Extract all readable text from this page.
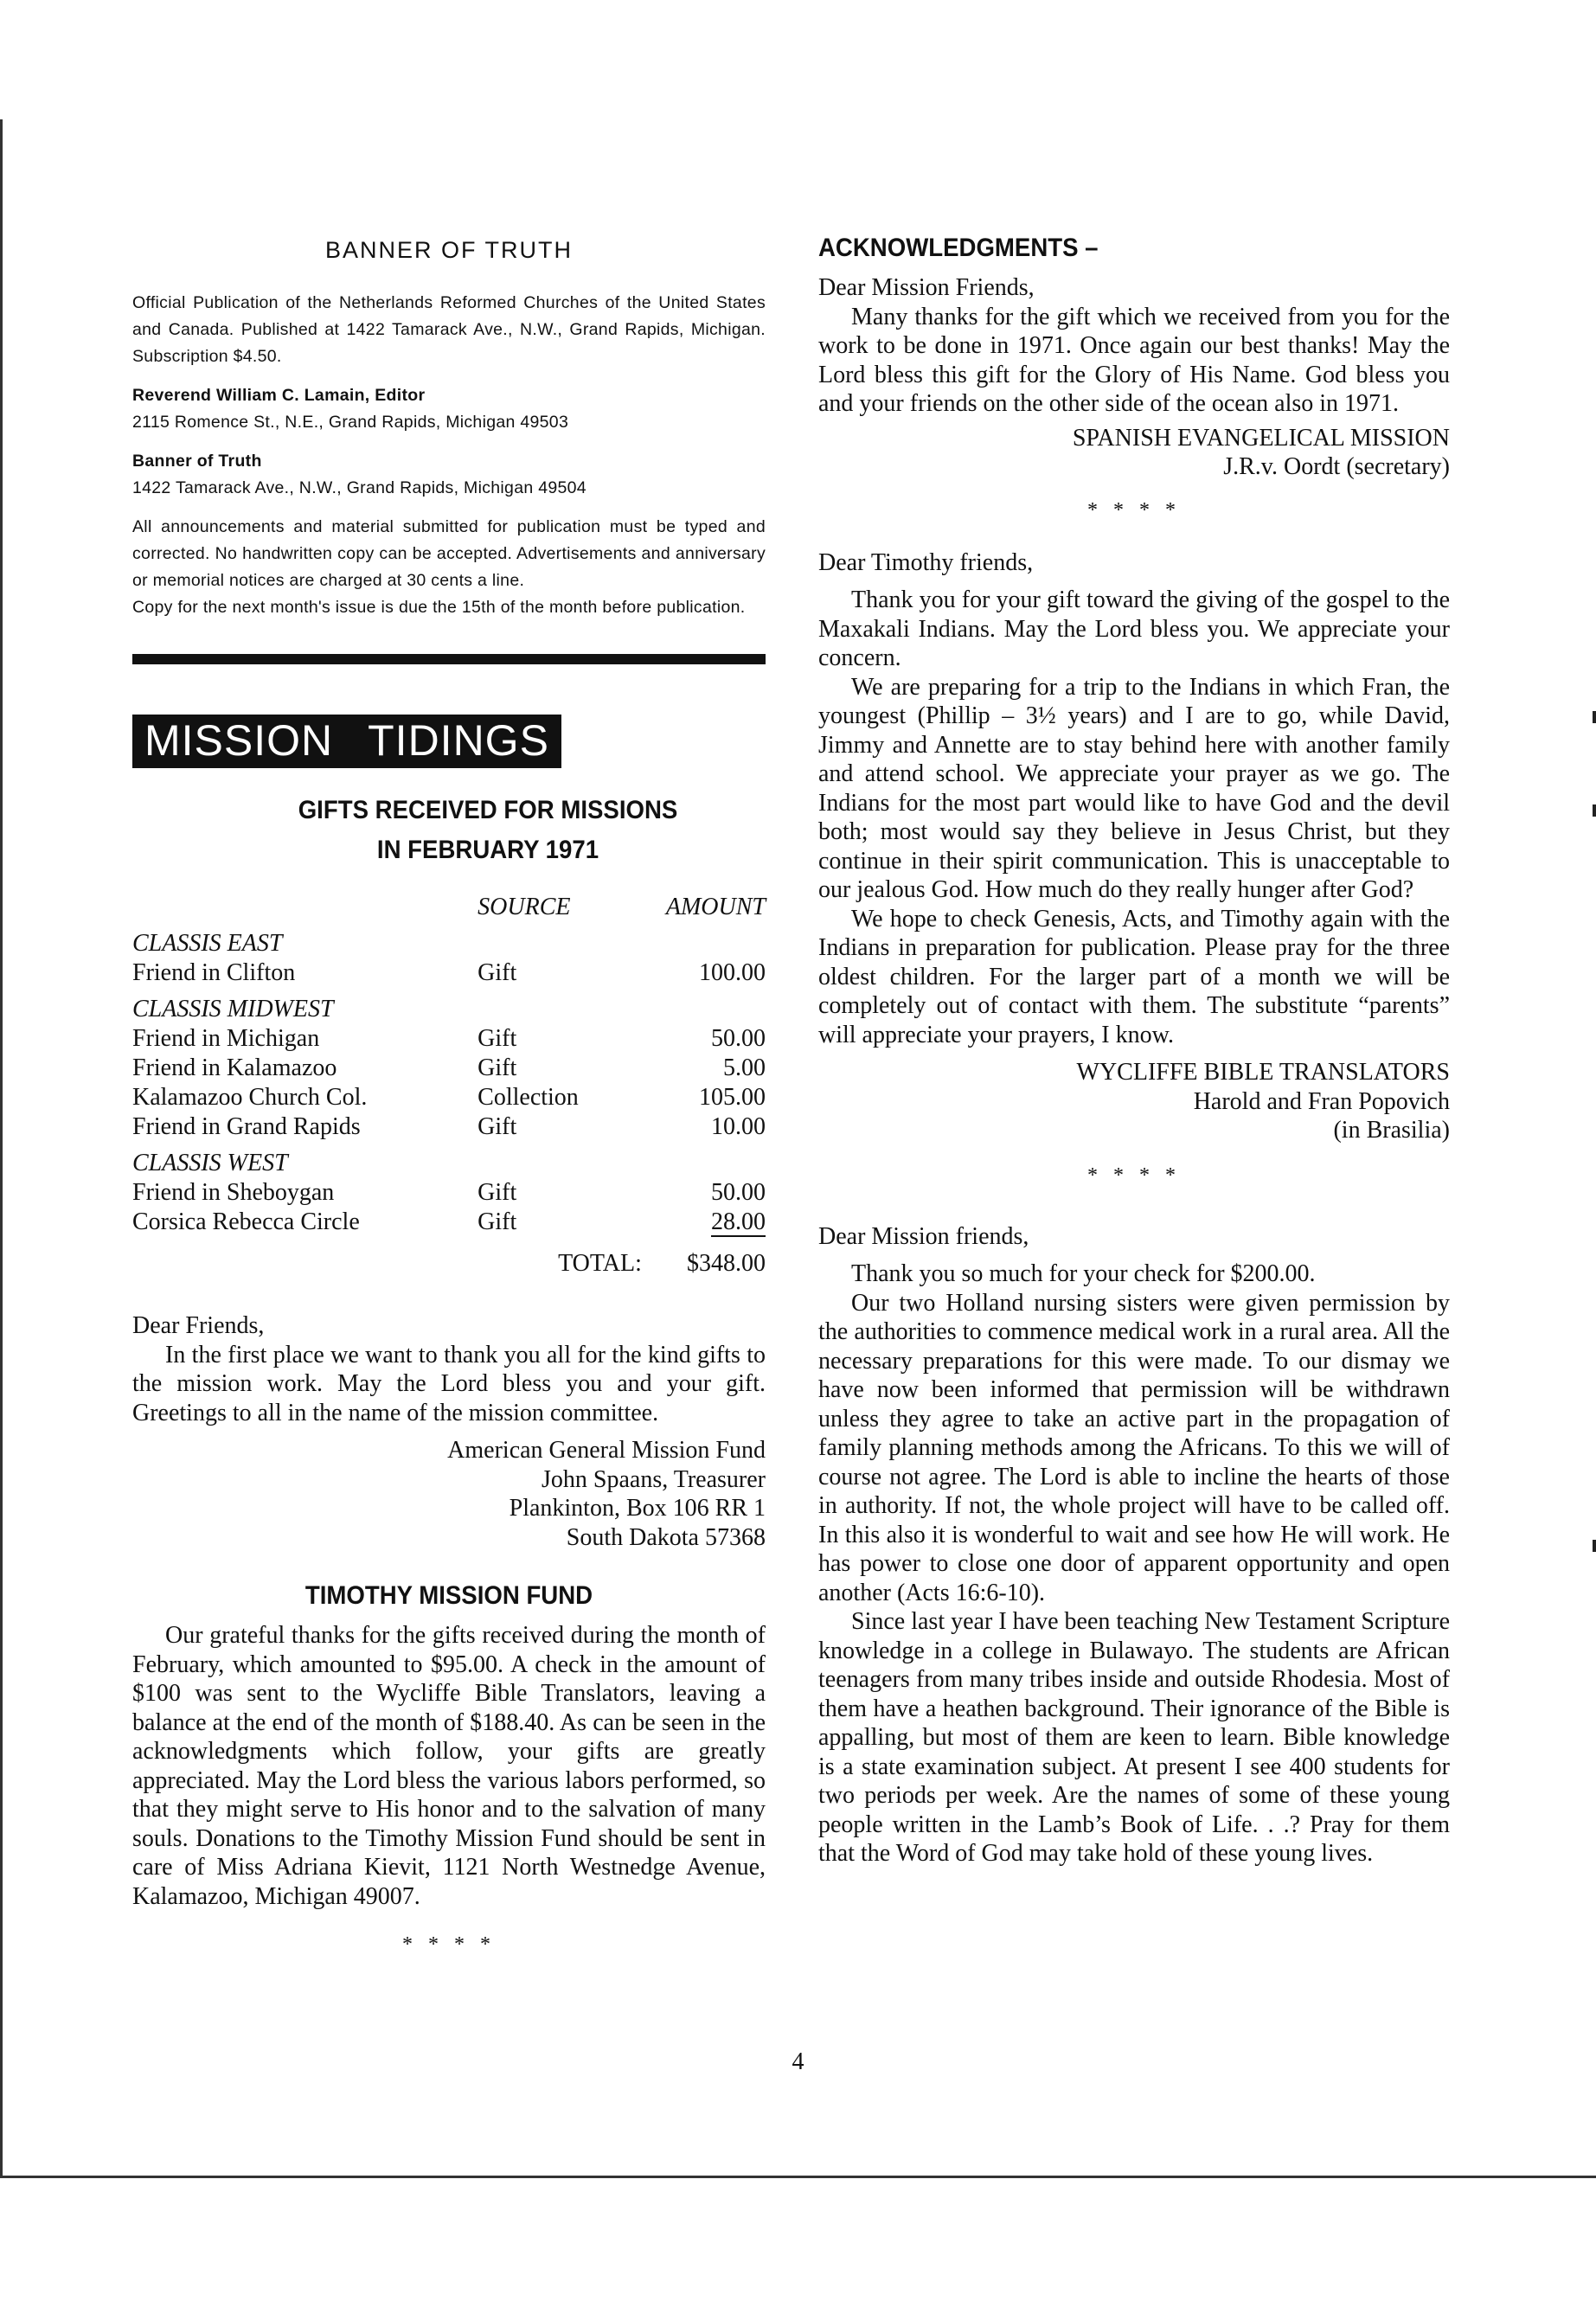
BANNER OF TRUTH

Official Publication of the Netherlands Reformed Churches of the United States and Canada. Published at 1422 Tamarack Ave., N.W., Grand Rapids, Michigan. Subscription $4.50.

Reverend William C. Lamain, Editor

2115 Romence St., N.E., Grand Rapids, Michigan 49503

Banner of Truth

1422 Tamarack Ave., N.W., Grand Rapids, Michigan 49504

All announcements and material submitted for publication must be typed and corrected. No handwritten copy can be accepted. Advertisements and anniversary or memorial notices are charged at 30 cents a line.

Copy for the next month's issue is due the 15th of the month before publication.

MISSION TIDINGS
GIFTS RECEIVED FOR MISSIONS
IN FEBRUARY 1971
	SOURCE	AMOUNT
CLASSIS EAST		
Friend in Clifton	Gift	100.00
CLASSIS MIDWEST		
Friend in Michigan	Gift	50.00
Friend in Kalamazoo	Gift	5.00
Kalamazoo Church Col.	Collection	105.00
Friend in Grand Rapids	Gift	10.00
CLASSIS WEST		
Friend in Sheboygan	Gift	50.00
Corsica Rebecca Circle	Gift	28.00
	TOTAL:	$348.00

Dear Friends,

In the first place we want to thank you all for the kind gifts to the mission work. May the Lord bless you and your gift. Greetings to all in the name of the mission committee.

American General Mission Fund

John Spaans, Treasurer

Plankinton, Box 106 RR 1

South Dakota 57368

TIMOTHY MISSION FUND

Our grateful thanks for the gifts received during the month of February, which amounted to $95.00. A check in the amount of $100 was sent to the Wycliffe Bible Translators, leaving a balance at the end of the month of $188.40. As can be seen in the acknowledgments which follow, your gifts are greatly appreciated. May the Lord bless the various labors performed, so that they might serve to His honor and to the salvation of many souls. Donations to the Timothy Mission Fund should be sent in care of Miss Adriana Kievit, 1121 North Westnedge Avenue, Kalamazoo, Michigan 49007.

* * * *
ACKNOWLEDGMENTS –

Dear Mission Friends,

Many thanks for the gift which we received from you for the work to be done in 1971. Once again our best thanks! May the Lord bless this gift for the Glory of His Name. God bless you and your friends on the other side of the ocean also in 1971.

SPANISH EVANGELICAL MISSION

J.R.v. Oordt (secretary)

* * * *

Dear Timothy friends,

Thank you for your gift toward the giving of the gospel to the Maxakali Indians. May the Lord bless you. We appreciate your concern.

We are preparing for a trip to the Indians in which Fran, the youngest (Phillip – 3½ years) and I are to go, while David, Jimmy and Annette are to stay behind here with another family and attend school. We appreciate your prayer as we go. The Indians for the most part would like to have God and the devil both; most would say they believe in Jesus Christ, but they continue in their spirit communication. This is unacceptable to our jealous God. How much do they really hunger after God?

We hope to check Genesis, Acts, and Timothy again with the Indians in preparation for publication. Please pray for the three oldest children. For the larger part of a month we will be completely out of contact with them. The substitute “parents” will appreciate your prayers, I know.

WYCLIFFE BIBLE TRANSLATORS

Harold and Fran Popovich

(in Brasilia)

* * * *

Dear Mission friends,

Thank you so much for your check for $200.00.

Our two Holland nursing sisters were given permission by the authorities to commence medical work in a rural area. All the necessary preparations for this were made. To our dismay we have now been informed that permission will be withdrawn unless they agree to take an active part in the propagation of family planning methods among the Africans. To this we will of course not agree. The Lord is able to incline the hearts of those in authority. If not, the whole project will have to be called off. In this also it is wonderful to wait and see how He will work. He has power to close one door of apparent opportunity and open another (Acts 16:6-10).

Since last year I have been teaching New Testament Scripture knowledge in a college in Bulawayo. The students are African teenagers from many tribes inside and outside Rhodesia. Most of them have a heathen background. Their ignorance of the Bible is appalling, but most of them are keen to learn. Bible knowledge is a state examination subject. At present I see 400 students for two periods per week. Are the names of some of these young people written in the Lamb’s Book of Life. . .? Pray for them that the Word of God may take hold of these young lives.

4
